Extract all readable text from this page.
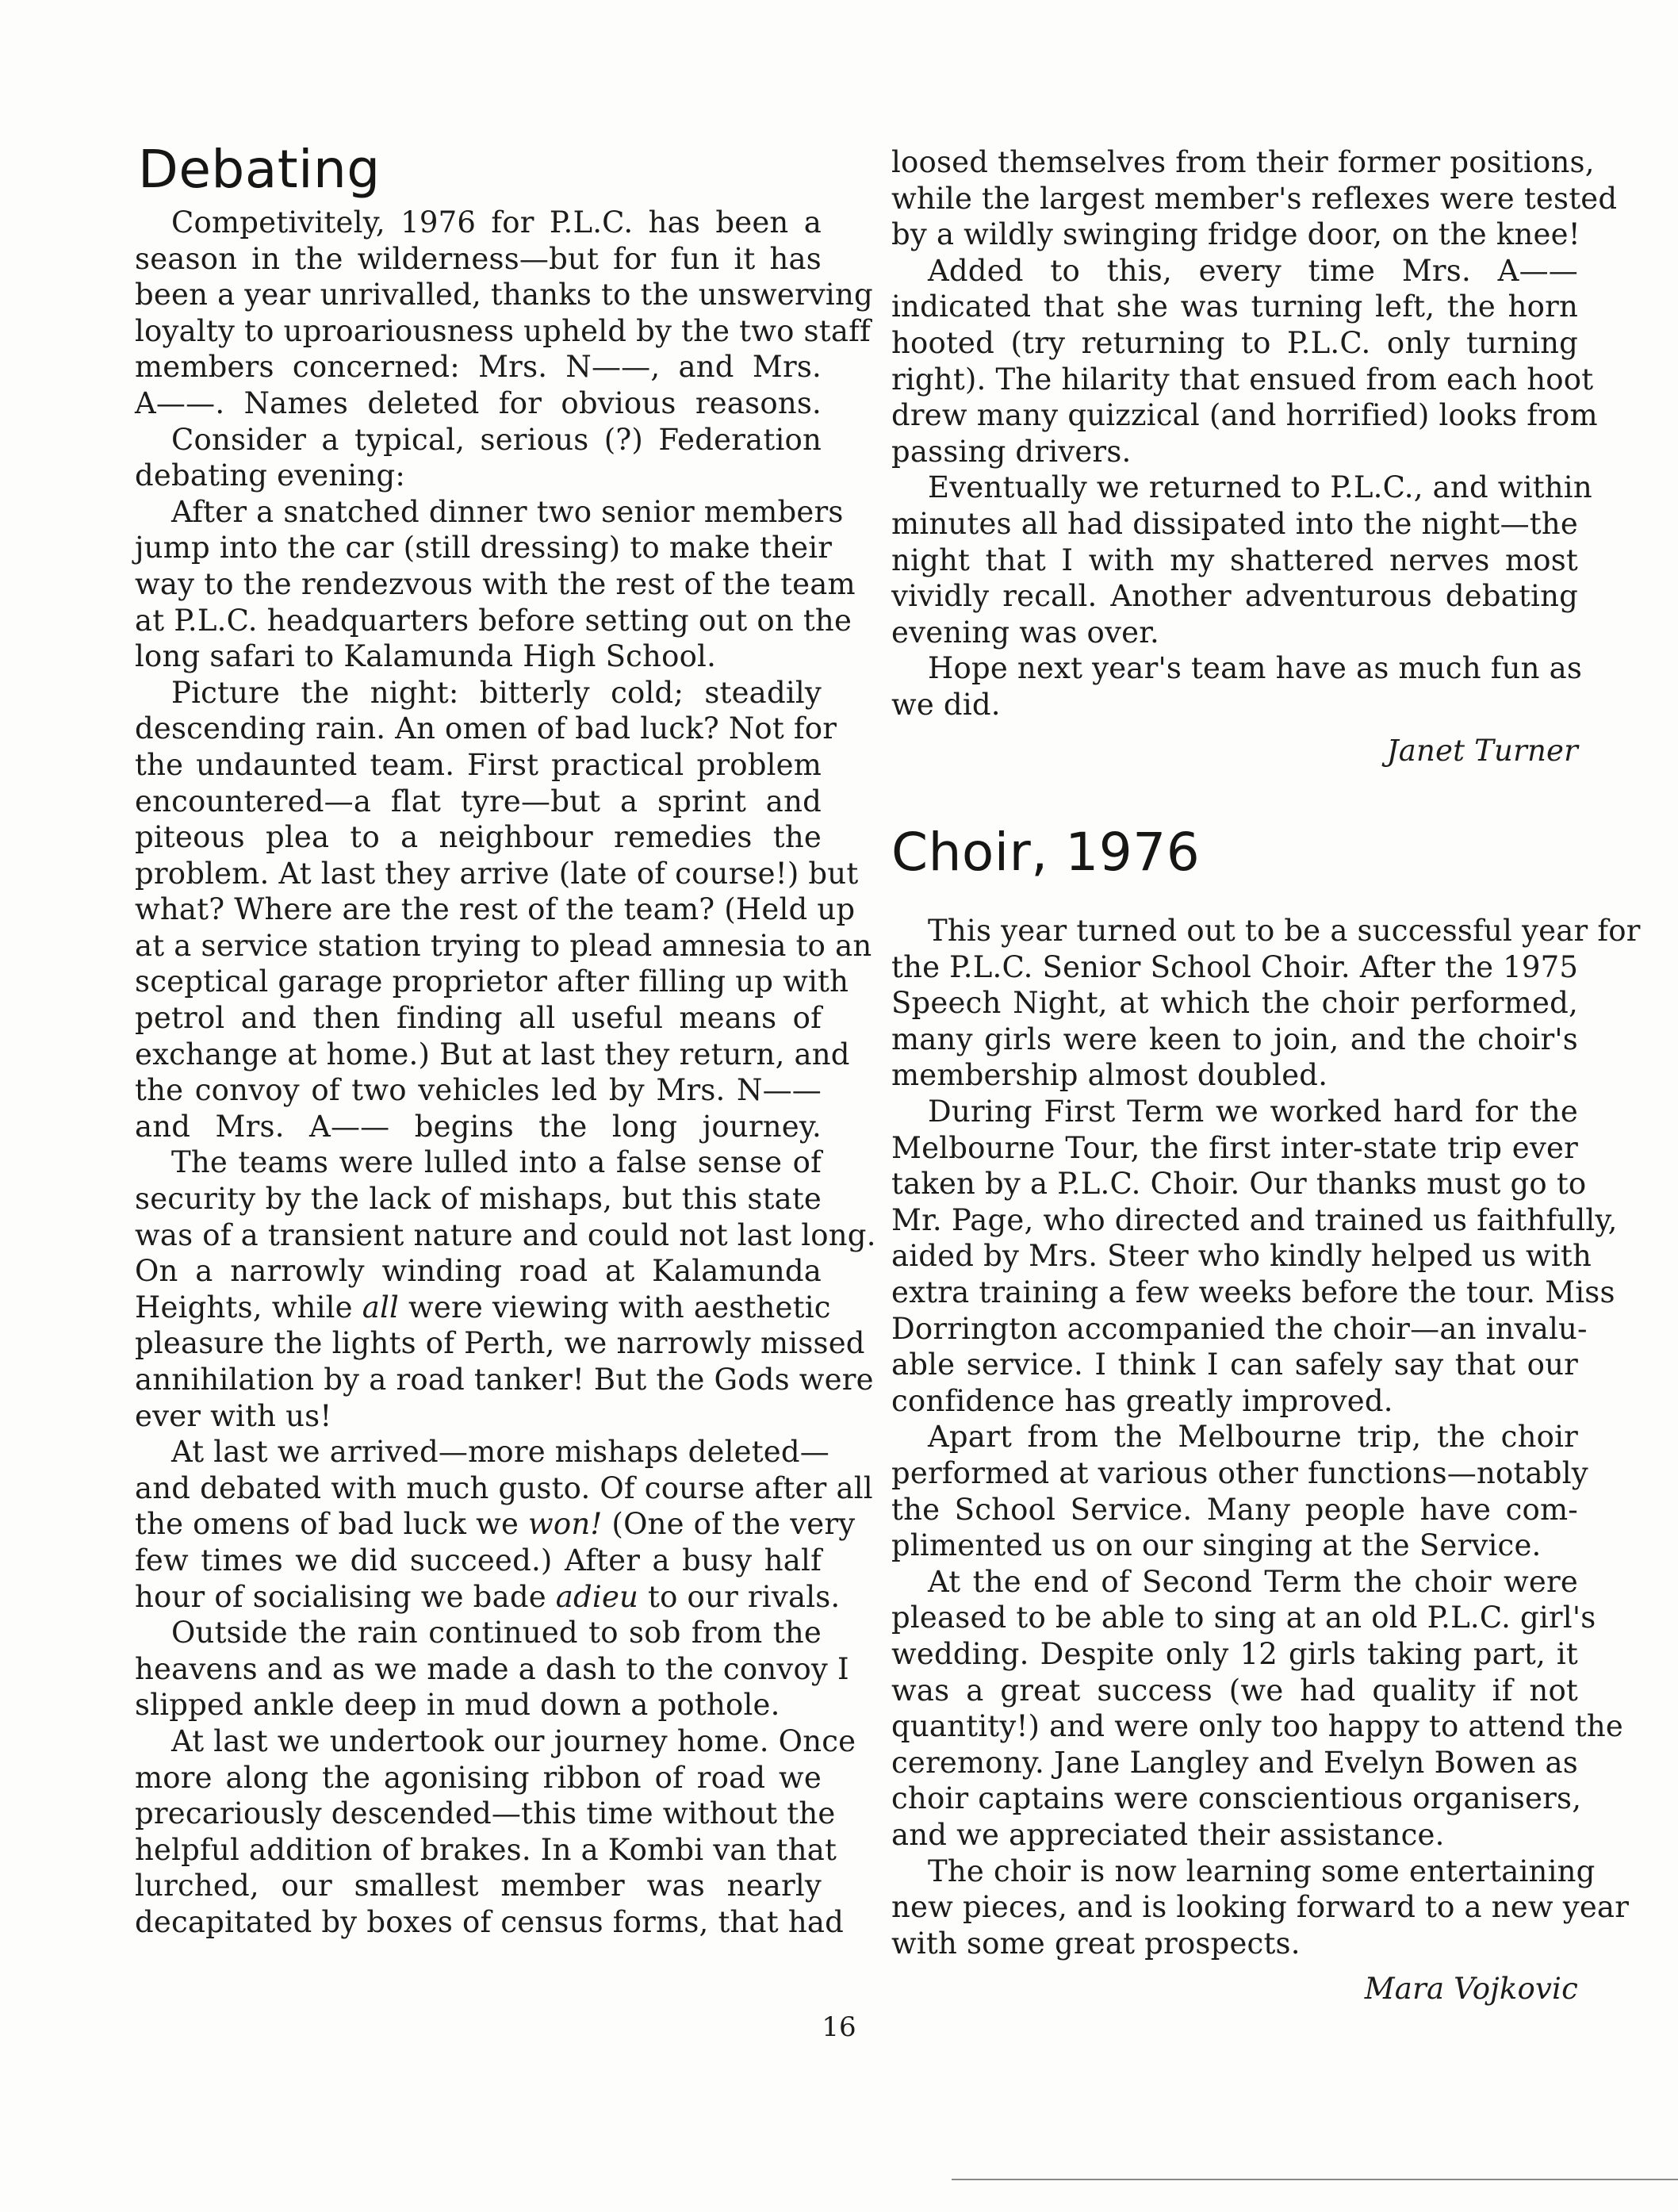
Debating

Competivitely, 1976 for P.L.C. has been a
season in the wilderness—but for fun it has
been a year unrivalled, thanks to the unswerving
loyalty to uproariousness upheld by the two staff
members concerned: Mrs. N——, and Mrs.
A——. Names deleted for obvious reasons.

Consider a typical, serious (?) Federation
debating evening:

After a snatched dinner two senior members
jump into the car (still dressing) to make their
way to the rendezvous with the rest of the team
at P.L.C. headquarters before setting out on the
long safari to Kalamunda High School.

Picture the night: bitterly cold; steadily
descending rain. An omen of bad luck? Not for
the undaunted team. First practical problem
encountered—a flat tyre—but a sprint and
piteous plea to a neighbour remedies the
problem. At last they arrive (late of course!) but
what? Where are the rest of the team? (Held up
at a service station trying to plead amnesia to an
sceptical garage proprietor after filling up with
petrol and then finding all useful means of
exchange at home.) But at last they return, and
the convoy of two vehicles led by Mrs. N——
and Mrs. A—— begins the long journey.

The teams were lulled into a false sense of
security by the lack of mishaps, but this state
was of a transient nature and could not last long.
On a narrowly winding road at Kalamunda
Heights, while all were viewing with aesthetic
pleasure the lights of Perth, we narrowly missed
annihilation by a road tanker! But the Gods were
ever with us!

At last we arrived—more mishaps deleted—
and debated with much gusto. Of course after all
the omens of bad luck we won! (One of the very
few times we did succeed.) After a busy half
hour of socialising we bade adieu to our rivals.

Outside the rain continued to sob from the
heavens and as we made a dash to the convoy I
slipped ankle deep in mud down a pothole.

At last we undertook our journey home. Once
more along the agonising ribbon of road we
precariously descended—this time without the
helpful addition of brakes. In a Kombi van that
lurched, our smallest member was nearly
decapitated by boxes of census forms, that had

loosed themselves from their former positions,
while the largest member's reflexes were tested
by a wildly swinging fridge door, on the knee!

Added to this, every time Mrs. A——
indicated that she was turning left, the horn
hooted (try returning to P.L.C. only turning
right). The hilarity that ensued from each hoot
drew many quizzical (and horrified) looks from
passing drivers.

Eventually we returned to P.L.C., and within
minutes all had dissipated into the night—the
night that I with my shattered nerves most
vividly recall. Another adventurous debating
evening was over.

Hope next year's team have as much fun as
we did.

Janet Turner

Choir, 1976

This year turned out to be a successful year for
the P.L.C. Senior School Choir. After the 1975
Speech Night, at which the choir performed,
many girls were keen to join, and the choir's
membership almost doubled.

During First Term we worked hard for the
Melbourne Tour, the first inter-state trip ever
taken by a P.L.C. Choir. Our thanks must go to
Mr. Page, who directed and trained us faithfully,
aided by Mrs. Steer who kindly helped us with
extra training a few weeks before the tour. Miss
Dorrington accompanied the choir—an invalu-
able service. I think I can safely say that our
confidence has greatly improved.

Apart from the Melbourne trip, the choir
performed at various other functions—notably
the School Service. Many people have com-
plimented us on our singing at the Service.

At the end of Second Term the choir were
pleased to be able to sing at an old P.L.C. girl's
wedding. Despite only 12 girls taking part, it
was a great success (we had quality if not
quantity!) and were only too happy to attend the
ceremony. Jane Langley and Evelyn Bowen as
choir captains were conscientious organisers,
and we appreciated their assistance.

The choir is now learning some entertaining
new pieces, and is looking forward to a new year
with some great prospects.

Mara Vojkovic

16
